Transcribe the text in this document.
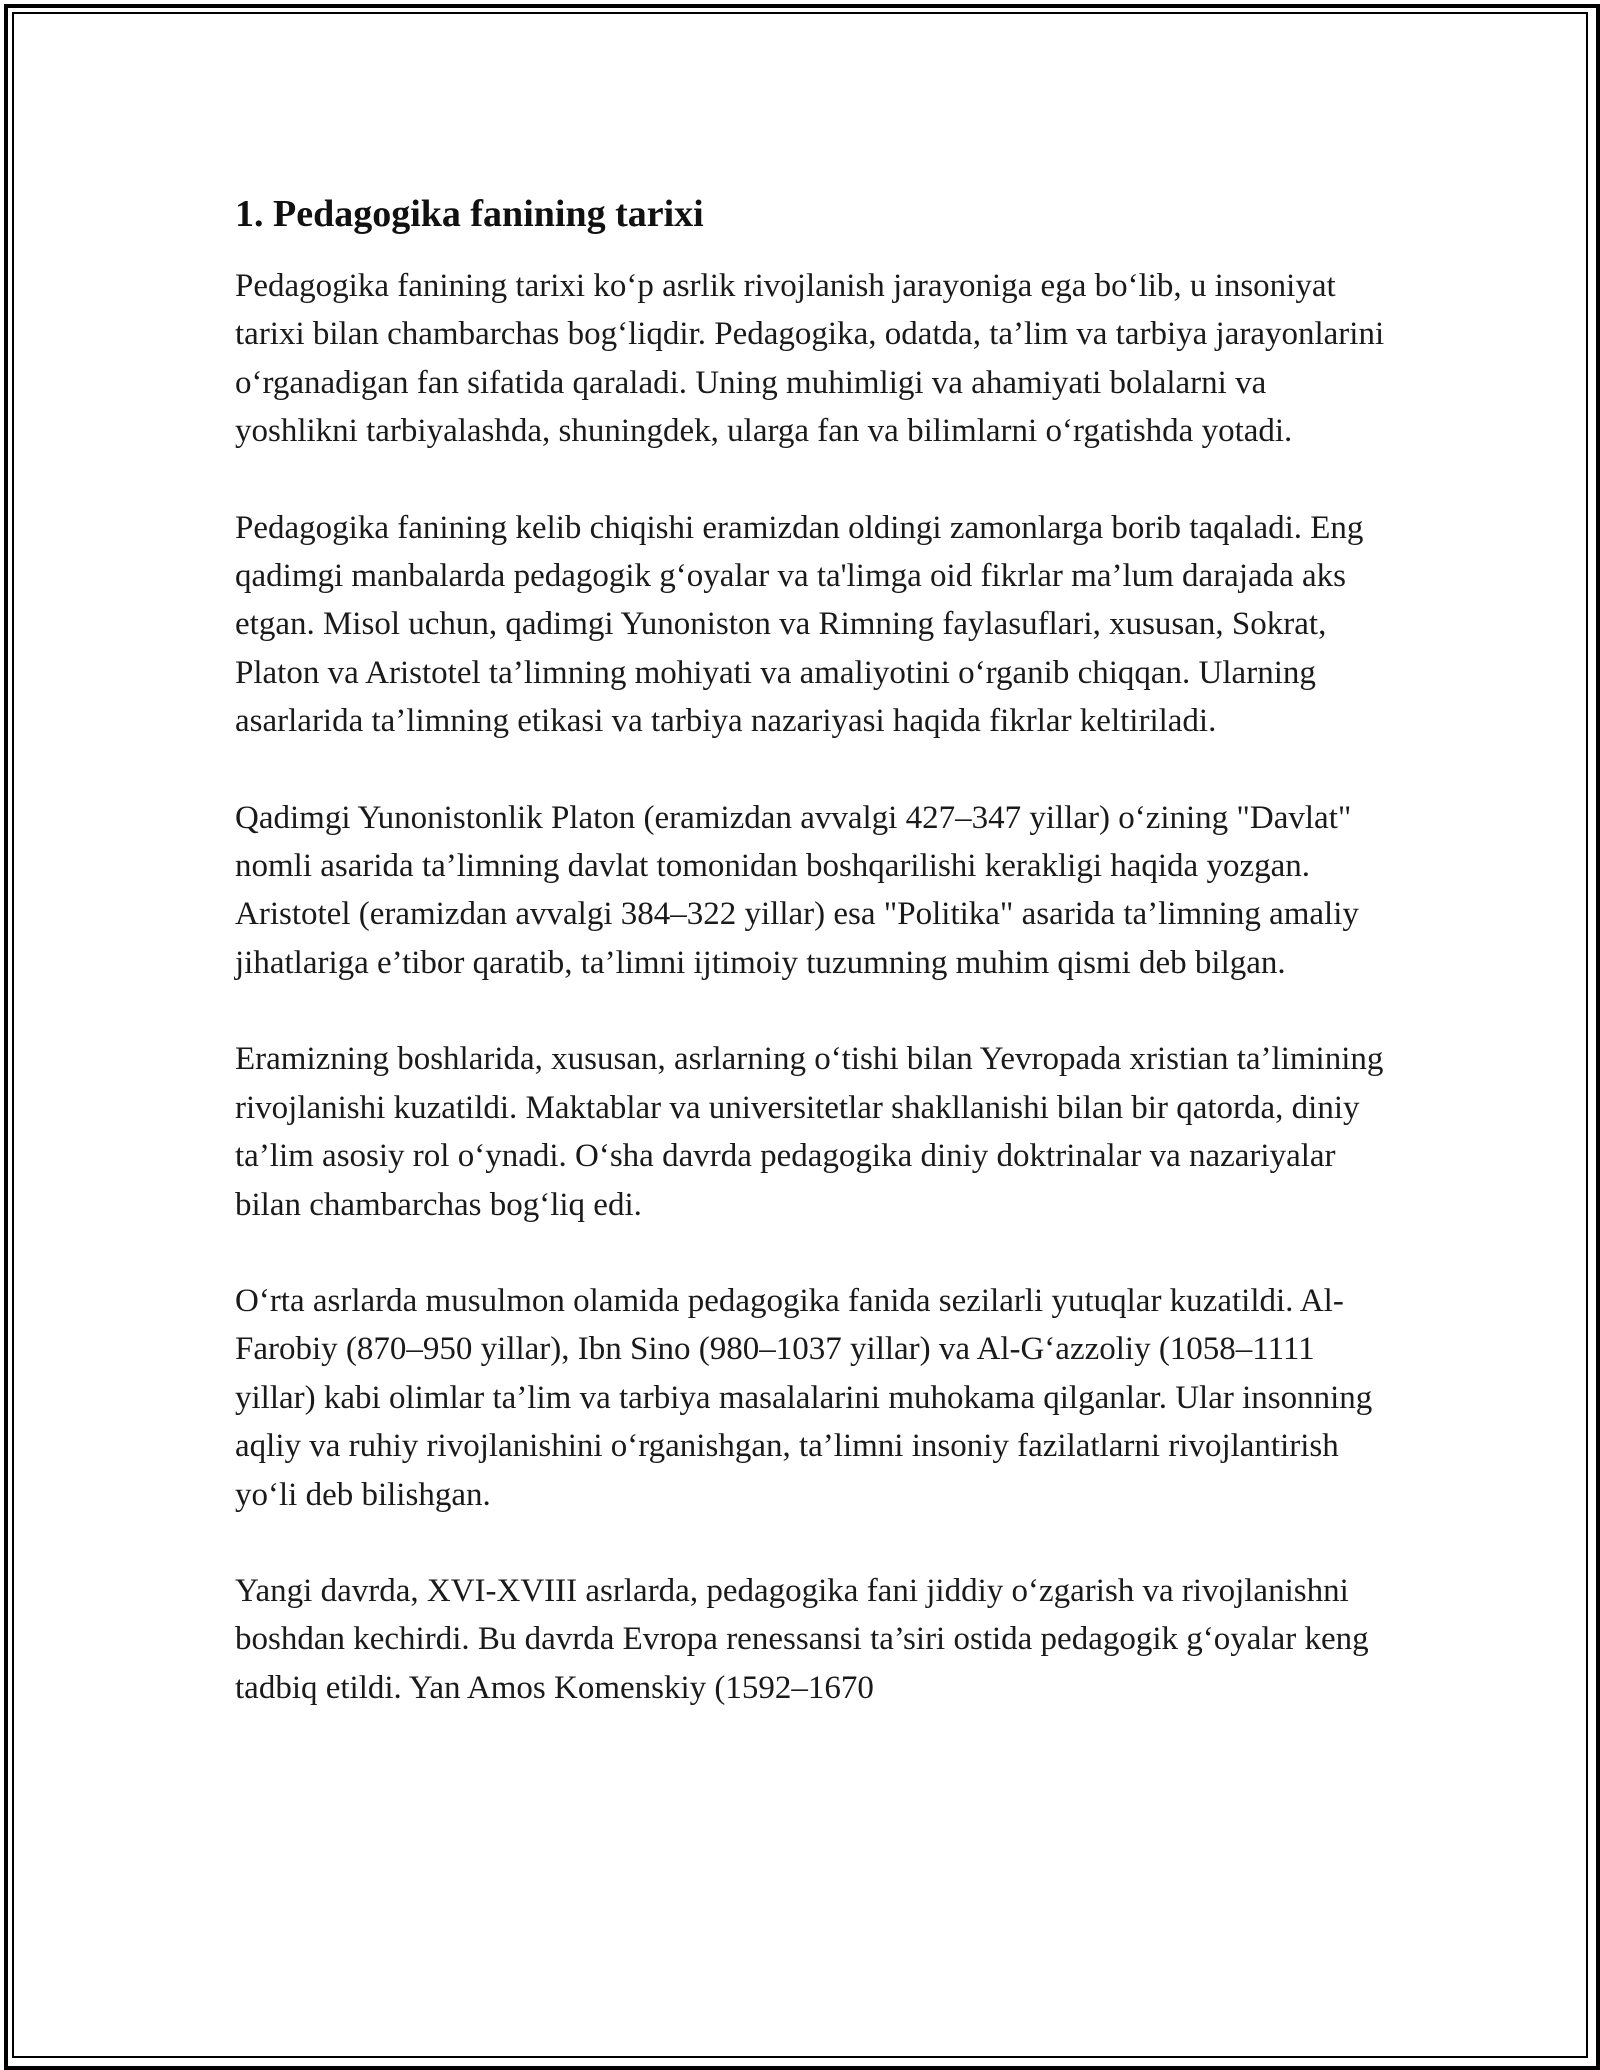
1. Pedagogika fanining tarixi

Pedagogika fanining tarixi ko‘p asrlik rivojlanish jarayoniga ega bo‘lib, u insoniyat tarixi bilan chambarchas bog‘liqdir. Pedagogika, odatda, ta’lim va tarbiya jarayonlarini o‘rganadigan fan sifatida qaraladi. Uning muhimligi va ahamiyati bolalarni va yoshlikni tarbiyalashda, shuningdek, ularga fan va bilimlarni o‘rgatishda yotadi.

Pedagogika fanining kelib chiqishi eramizdan oldingi zamonlarga borib taqaladi. Eng qadimgi manbalarda pedagogik g‘oyalar va ta'limga oid fikrlar ma’lum darajada aks etgan. Misol uchun, qadimgi Yunoniston va Rimning faylasuflari, xususan, Sokrat, Platon va Aristotel ta’limning mohiyati va amaliyotini o‘rganib chiqqan. Ularning asarlarida ta’limning etikasi va tarbiya nazariyasi haqida fikrlar keltiriladi.

Qadimgi Yunonistonlik Platon (eramizdan avvalgi 427–347 yillar) o‘zining "Davlat" nomli asarida ta’limning davlat tomonidan boshqarilishi kerakligi haqida yozgan. Aristotel (eramizdan avvalgi 384–322 yillar) esa "Politika" asarida ta’limning amaliy jihatlariga e’tibor qaratib, ta’limni ijtimoiy tuzumning muhim qismi deb bilgan.

Eramizning boshlarida, xususan, asrlarning o‘tishi bilan Yevropada xristian ta’limining rivojlanishi kuzatildi. Maktablar va universitetlar shakllanishi bilan bir qatorda, diniy ta’lim asosiy rol o‘ynadi. O‘sha davrda pedagogika diniy doktrinalar va nazariyalar bilan chambarchas bog‘liq edi.

O‘rta asrlarda musulmon olamida pedagogika fanida sezilarli yutuqlar kuzatildi. Al-Farobiy (870–950 yillar), Ibn Sino (980–1037 yillar) va Al-G‘azzoliy (1058–1111 yillar) kabi olimlar ta’lim va tarbiya masalalarini muhokama qilganlar. Ular insonning aqliy va ruhiy rivojlanishini o‘rganishgan, ta’limni insoniy fazilatlarni rivojlantirish yo‘li deb bilishgan.

Yangi davrda, XVI-XVIII asrlarda, pedagogika fani jiddiy o‘zgarish va rivojlanishni boshdan kechirdi. Bu davrda Evropa renessansi ta’siri ostida pedagogik g‘oyalar keng tadbiq etildi. Yan Amos Komenskiy (1592–1670
